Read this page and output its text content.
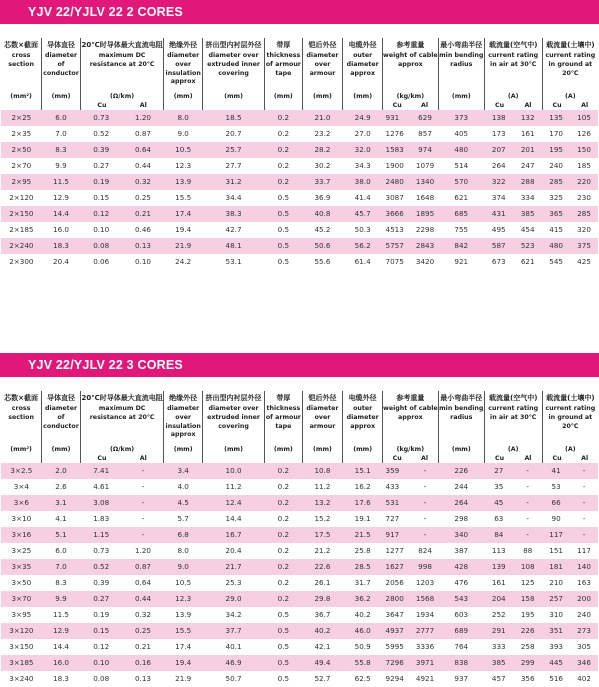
YJV 22/YJLV 22 2 CORES
芯数×截面
cross section
(mm²)	导体直径
diameter of conductor
(mm)	20℃时导体最大直流电阻
maximum DC resistance at 20℃
(Ω/km)
Cu Al	绝缘外径
diameter over insulation approx
(mm)	挤出型内衬层外径
diameter over extruded inner covering
(mm)	带厚
thickness of armour tape
(mm)	铠后外径
diameter over armour
(mm)	电缆外径
outer diameter approx
(mm)	参考重量
weight of cable approx
(kg/km)
Cu Al	最小弯曲半径
min bending radius
(mm)	载流量(空气中)
current rating in air at 30℃
(A)
Cu Al	载流量(土壤中)
current rating in ground at 20℃
(A)
Cu Al

2×25	6.0	0.73 1.20	8.0	18.5	0.2	21.0	24.9	931 629	373	138 132	135 105

2×35	7.0	0.52 0.87	9.0	20.7	0.2	23.2	27.0	1276 857	405	173 161	170 126

2×50	8.3	0.39 0.64	10.5	25.7	0.2	28.2	32.0	1583 974	480	207 201	195 150

2×70	9.9	0.27 0.44	12.3	27.7	0.2	30.2	34.3	1900 1079	514	264 247	240 185

2×95	11.5	0.19 0.32	13.9	31.2	0.2	33.7	38.0	2480 1340	570	322 288	285 220

2×120	12.9	0.15 0.25	15.5	34.4	0.5	36.9	41.4	3087 1648	621	374 334	325 230

2×150	14.4	0.12 0.21	17.4	38.3	0.5	40.8	45.7	3666 1895	685	431 385	365 285

2×185	16.0	0.10 0.46	19.4	42.7	0.5	45.2	50.3	4513 2298	755	495 454	415 320

2×240	18.3	0.08 0.13	21.9	48.1	0.5	50.6	56.2	5757 2843	842	587 523	480 375

2×300	20.4	0.06 0.10	24.2	53.1	0.5	55.6	61.4	7075 3420	921	673 621	545 425
YJV 22/YJLV 22 3 CORES
芯数×截面
cross section
(mm²)	导体直径
diameter of conductor
(mm)	20℃时导体最大直流电阻
maximum DC resistance at 20℃
(Ω/km)
Cu Al	绝缘外径
diameter over insulation approx
(mm)	挤出型内衬层外径
diameter over extruded inner covering
(mm)	带厚
thickness of armour tape
(mm)	铠后外径
diameter over armour
(mm)	电缆外径
outer diameter approx
(mm)	参考重量
weight of cable approx
(kg/km)
Cu Al	最小弯曲半径
min bending radius
(mm)	载流量(空气中)
current rating in air at 30℃
(A)
Cu Al	载流量(土壤中)
current rating in ground at 20℃
(A)
Cu Al

3×2.5	2.0	7.41 -	3.4	10.0	0.2	10.8	15.1	359 -	226	27 -	41 -

3×4	2.6	4.61 -	4.0	11.2	0.2	11.2	16.2	433 -	244	35 -	53 -

3×6	3.1	3.08 -	4.5	12.4	0.2	13.2	17.6	531 -	264	45 -	66 -

3×10	4.1	1.83 -	5.7	14.4	0.2	15.2	19.1	727 -	298	63 -	90 -

3×16	5.1	1.15 -	6.8	16.7	0.2	17.5	21.5	917 -	340	84 -	117 -

3×25	6.0	0.73 1.20	8.0	20.4	0.2	21.2	25.8	1277 824	387	113 88	151 117

3×35	7.0	0.52 0.87	9.0	21.7	0.2	22.6	28.5	1627 998	428	139 108	181 140

3×50	8.3	0.39 0.64	10.5	25.3	0.2	26.1	31.7	2056 1203	476	161 125	210 163

3×70	9.9	0.27 0.44	12.3	29.0	0.2	29.8	36.2	2800 1568	543	204 158	257 200

3×95	11.5	0.19 0.32	13.9	34.2	0.5	36.7	40.2	3647 1934	603	252 195	310 240

3×120	12.9	0.15 0.25	15.5	37.7	0.5	40.2	46.0	4937 2777	689	291 226	351 273

3×150	14.4	0.12 0.21	17.4	40.1	0.5	42.1	50.9	5995 3336	764	333 258	393 305

3×185	16.0	0.10 0.16	19.4	46.9	0.5	49.4	55.8	7296 3971	838	385 299	445 346

3×240	18.3	0.08 0.13	21.9	50.7	0.5	52.7	62.5	9294 4921	937	457 356	516 402
